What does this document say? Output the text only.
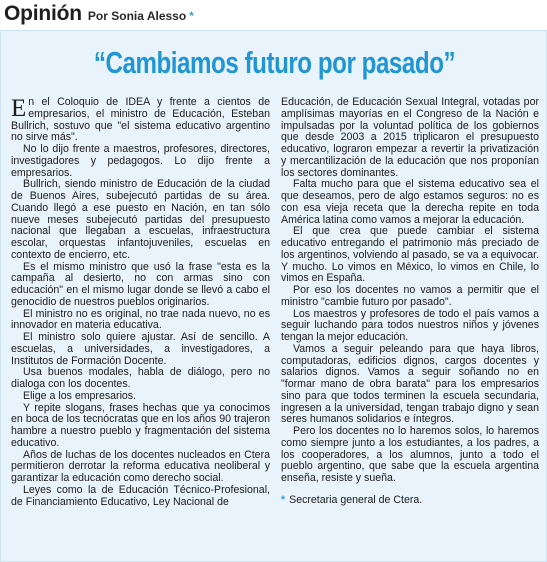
Opinión Por Sonia Alesso *
“Cambiamos futuro por pasado”

En el Coloquio de IDEA y frente a cientos de empresarios, el ministro de Educación, Esteban Bullrich, sostuvo que "el sistema educativo argentino no sirve más".

No lo dijo frente a maestros, profesores, directores, investigadores y pedagogos. Lo dijo frente a empresarios.

Bullrich, siendo ministro de Educación de la ciudad de Buenos Aires, subejecutó partidas de su área. Cuando llegó a ese puesto en Nación, en tan sólo nueve meses subejecutó partidas del presupuesto nacional que llegaban a escuelas, infraestructura escolar, orquestas infantojuveniles, escuelas en contexto de encierro, etc.

Es el mismo ministro que usó la frase "esta es la campaña al desierto, no con armas sino con educación" en el mismo lugar donde se llevó a cabo el genocidio de nuestros pueblos originarios.

El ministro no es original, no trae nada nuevo, no es innovador en materia educativa.

El ministro solo quiere ajustar. Así de sencillo. A escuelas, a universidades, a investigadores, a Institutos de Formación Docente.

Usa buenos modales, habla de diálogo, pero no dialoga con los docentes.

Elige a los empresarios.

Y repite slogans, frases hechas que ya conocimos en boca de los tecnócratas que en los años 90 trajeron hambre a nuestro pueblo y fragmentación del sistema educativo.

Años de luchas de los docentes nucleados en Ctera permitieron derrotar la reforma educativa neoliberal y garantizar la educación como derecho social.

Leyes como la de Educación Técnico-Profesional, de Financiamiento Educativo, Ley Nacional de

Educación, de Educación Sexual Integral, votadas por amplísimas mayorías en el Congreso de la Nación e impulsadas por la voluntad política de los gobiernos que desde 2003 a 2015 triplicaron el presupuesto educativo, lograron empezar a revertir la privatización y mercantilización de la educación que nos proponían los sectores dominantes.

Falta mucho para que el sistema educativo sea el que deseamos, pero de algo estamos seguros: no es con esa vieja receta que la derecha repite en toda América latina como vamos a mejorar la educación.

El que crea que puede cambiar el sistema educativo entregando el patrimonio más preciado de los argentinos, volviendo al pasado, se va a equivocar. Y mucho. Lo vimos en México, lo vimos en Chile, lo vimos en España.

Por eso los docentes no vamos a permitir que el ministro "cambie futuro por pasado".

Los maestros y profesores de todo el país vamos a seguir luchando para todos nuestros niños y jóvenes tengan la mejor educación.

Vamos a seguir peleando para que haya libros, computadoras, edificios dignos, cargos docentes y salarios dignos. Vamos a seguir soñando no en "formar mano de obra barata" para los empresarios sino para que todos terminen la escuela secundaria, ingresen a la universidad, tengan trabajo digno y sean seres humanos solidarios e íntegros.

Pero los docentes no lo haremos solos, lo haremos como siempre junto a los estudiantes, a los padres, a los cooperadores, a los alumnos, junto a todo el pueblo argentino, que sabe que la escuela argentina enseña, resiste y sueña.

* Secretaria general de Ctera.
